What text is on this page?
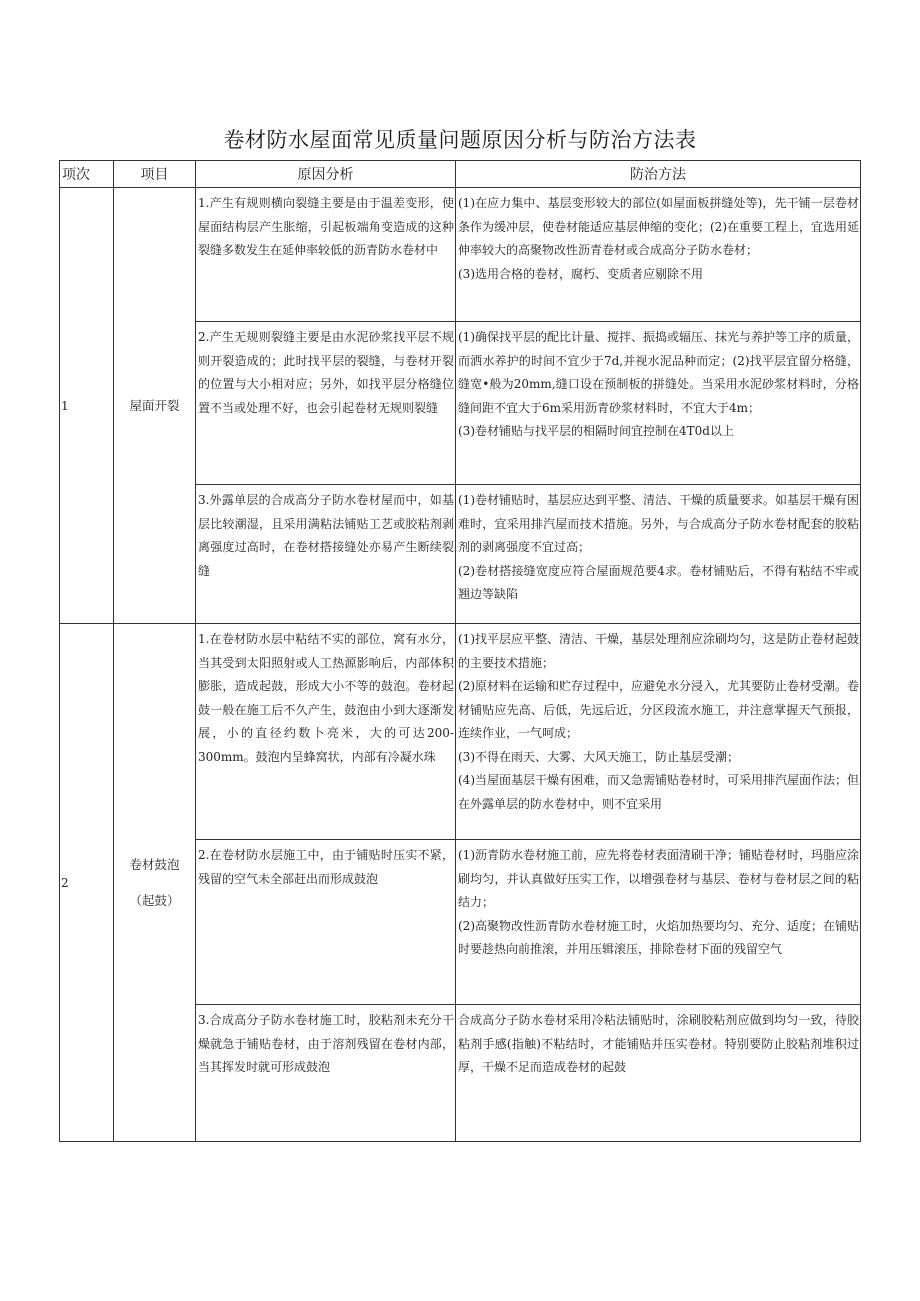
卷材防水屋面常见质量问题原因分析与防治方法表
项次	项目	原因分析	防治方法
1	屋面开裂	1.产生有规则横向裂缝主要是由于温差变形，使屋面结构层产生胀缩，引起板端角变造成的这种裂缝多数发生在延伸率较低的沥青防水卷材中	(1)在应力集中、基层变形较大的部位(如屋面板拼缝处等)，先干铺一层卷材条作为缓冲层，使卷材能适应基层伸缩的变化；(2)在重要工程上，宜选用延伸率较大的高聚物改性沥青卷材或合成高分子防水卷材；
(3)选用合格的卷材，腐朽、变质者应剔除不用

		2.产生无规则裂缝主要是由水泥砂浆找平层不规则开裂造成的；此时找平层的裂缝，与卷材开裂的位置与大小相对应；另外，如找平层分格缝位置不当或处理不好，也会引起卷材无规则裂缝	(1)确保找平层的配比计量、搅拌、振捣或辐压、抹光与养护等工序的质量，而洒水养护的时间不宜少于7d,并视水泥品种而定；(2)找平层宜留分格缝，缝宽•般为20mm,缝口设在预制板的拼缝处。当采用水泥砂浆材料时，分格缝间距不宜大于6m采用沥青砂浆材料时，不宜大于4m；
(3)卷材铺贴与找平层的相隔时间宜控制在4T0d以上

		3.外露单层的合成高分子防水卷材屋而中，如基层比较潮湿，且采用满粘法铺贴工艺或胶粘剂剥离强度过高时，在卷材搭接缝处亦易产生断续裂缝	(1)卷材铺贴时，基层应达到平整、清洁、干燥的质量要求。如基层干燥有困难时，宜采用排汽屋而技术措施。另外，与合成高分子防水卷材配套的胶粘剂的剥离强度不宜过高；
(2)卷材搭接缝宽度应符合屋面规范要4求。卷材铺贴后，不得有粘结不牢或翘边等缺陷

2	卷材鼓泡
（起鼓）	1.在卷材防水层中粘结不实的部位，窝有水分，当其受到太阳照射或人工热源影响后，内部体积膨胀，造成起鼓，形成大小不等的鼓泡。卷材起鼓一般在施工后不久产生，鼓泡由小到大逐渐发展，小的直径约数卜亮米，大的可达200-300mm。鼓泡内呈蜂窝状，内部有冷凝水珠	(1)找平层应平整、清洁、干燥，基层处理剂应涂刷均匀，这是防止卷材起鼓的主要技术措施；
(2)原材料在运输和贮存过程中，应避免水分浸入，尤其要防止卷材受潮。卷材铺贴应先高、后低，先远后近，分区段流水施工，并注意掌握天气预报，连续作业，一气呵成；
(3)不得在雨天、大雾、大风天施工，防止基层受潮；
(4)当屋面基层干燥有困难，而又急需铺贴卷材时，可采用排汽屋面作法；但在外露单层的防水卷材中，则不宜采用

		2.在卷材防水层施工中，由于铺贴时压实不紧，残留的空气未全部赶出而形成鼓泡	(1)沥青防水卷材施工前，应先将卷材表面清刷干净；铺贴卷材时，玛脂应涂刷均匀，并认真做好压实工作，以增强卷材与基层、卷材与卷材层之间的粘结力；
(2)高聚物改性沥青防水卷材施工时，火焰加热要均匀、充分、适度；在铺贴时要趁热向前推滚，并用压辑滚压，排除卷材下面的残留空气

		3.合成高分子防水卷材施工时，胶粘剂未充分干燥就急于铺贴卷材，由于溶剂残留在卷材内部，当其挥发时就可形成鼓泡	合成高分子防水卷材采用冷粘法铺贴时，涂刷胶粘剂应做到均匀一致，待胶粘剂手感(指触)不粘结时，才能铺贴并压实卷材。特别要防止胶粘剂堆积过厚，干燥不足而造成卷材的起鼓
